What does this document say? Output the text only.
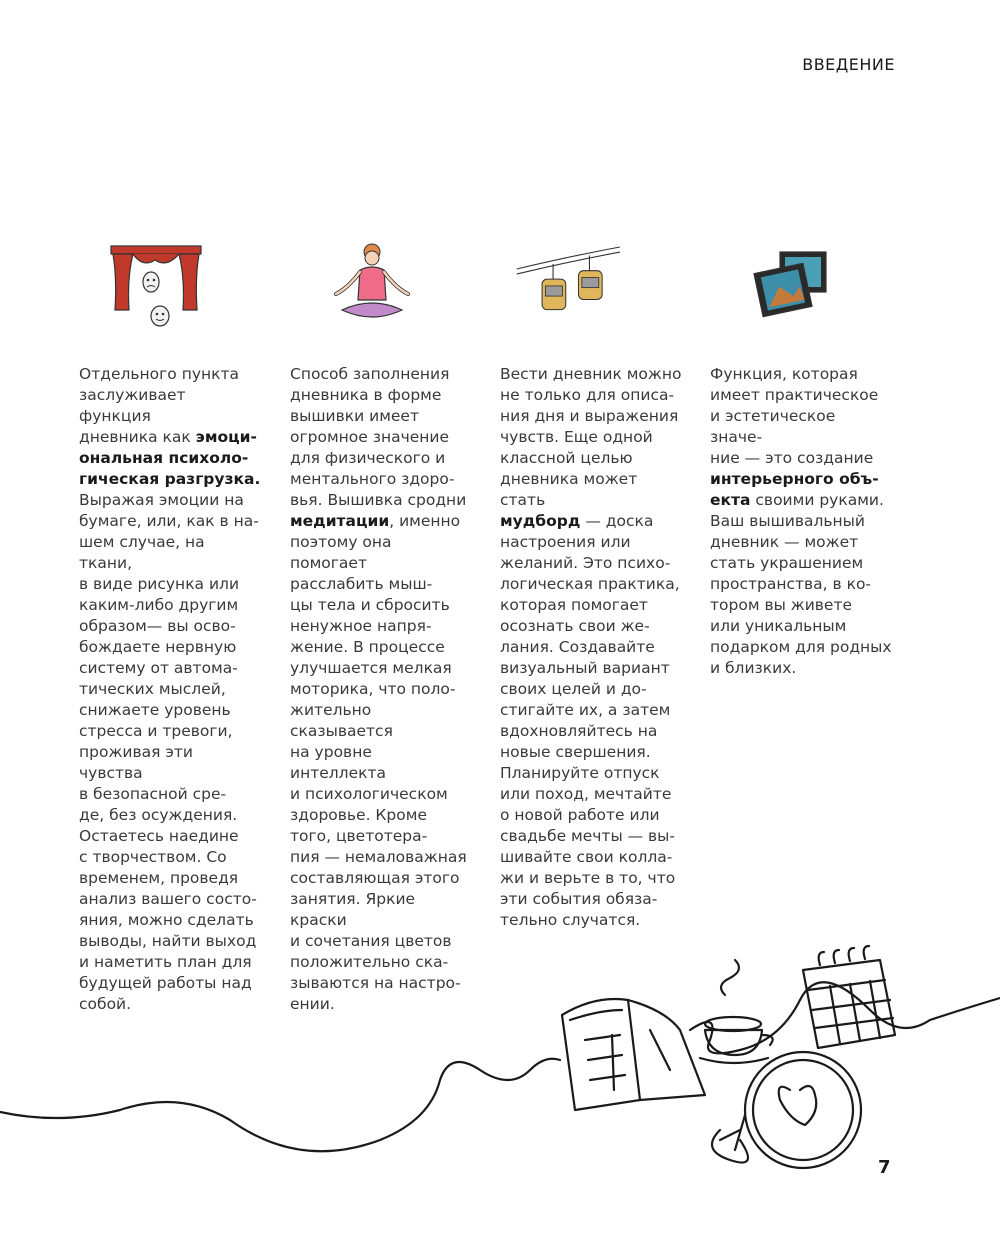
ВВЕДЕНИЕ

Отдельного пункта
заслуживает функция
дневника как эмоци-
ональная психоло-
гическая разгрузка.
Выражая эмоции на
бумаге, или, как в на-
шем случае, на ткани,
в виде рисунка или
каким-либо другим
образом— вы осво-
бождаете нервную
систему от автома-
тических мыслей,
снижаете уровень
стресса и тревоги,
проживая эти чувства
в безопасной сре-
де, без осуждения.
Остаетесь наедине
с творчеством. Со
временем, проведя
анализ вашего состо-
яния, можно сделать
выводы, найти выход
и наметить план для
будущей работы над
собой.

Способ заполнения
дневника в форме
вышивки имеет
огромное значение
для физического и
ментального здоро-
вья. Вышивка сродни
медитации, именно
поэтому она помогает
расслабить мыш-
цы тела и сбросить
ненужное напря-
жение. В процессе
улучшается мелкая
моторика, что поло-
жительно сказывается
на уровне интеллекта
и психологическом
здоровье. Кроме
того, цветотера-
пия — немаловажная
составляющая этого
занятия. Яркие краски
и сочетания цветов
положительно ска-
зываются на настро-
ении.

Вести дневник можно
не только для описа-
ния дня и выражения
чувств. Еще одной
классной целью
дневника может стать
мудборд — доска
настроения или
желаний. Это психо-
логическая практика,
которая помогает
осознать свои же-
лания. Создавайте
визуальный вариант
своих целей и до-
стигайте их, а затем
вдохновляйтесь на
новые свершения.
Планируйте отпуск
или поход, мечтайте
о новой работе или
свадьбе мечты — вы-
шивайте свои колла-
жи и верьте в то, что
эти события обяза-
тельно случатся.

Функция, которая
имеет практическое
и эстетическое значе-
ние — это создание
интерьерного объ-
екта своими руками.
Ваш вышивальный
дневник — может
стать украшением
пространства, в ко-
тором вы живете
или уникальным
подарком для родных
и близких.

7
